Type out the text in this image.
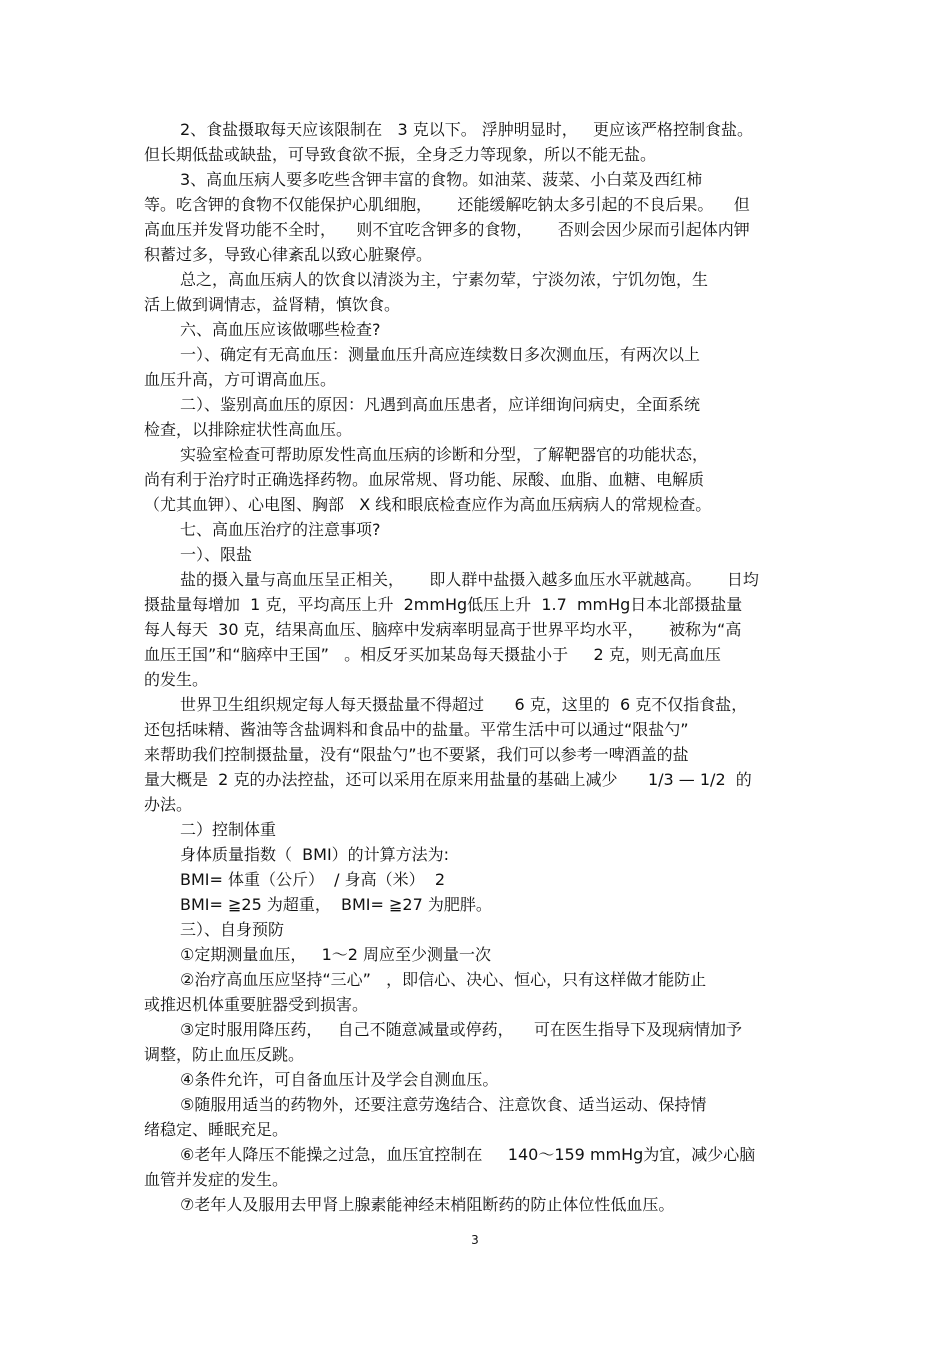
2、食盐摄取每天应该限制在   3 克以下。 浮肿明显时，   更应该严格控制食盐。
但长期低盐或缺盐，可导致食欲不振，全身乏力等现象，所以不能无盐。
3、高血压病人要多吃些含钾丰富的食物。如油菜、菠菜、小白菜及西红柿
等。吃含钾的食物不仅能保护心肌细胞，     还能缓解吃钠太多引起的不良后果。    但
高血压并发肾功能不全时，    则不宜吃含钾多的食物，     否则会因少尿而引起体内钾
积蓄过多，导致心律紊乱以致心脏聚停。
总之，高血压病人的饮食以清淡为主，宁素勿荤，宁淡勿浓，宁饥勿饱，生
活上做到调情志，益肾精，慎饮食。
六、高血压应该做哪些检查?
一）、确定有无高血压：测量血压升高应连续数日多次测血压，有两次以上
血压升高，方可谓高血压。
二）、鉴别高血压的原因：凡遇到高血压患者，应详细询问病史，全面系统
检查，以排除症状性高血压。
实验室检查可帮助原发性高血压病的诊断和分型，了解靶器官的功能状态，
尚有利于治疗时正确选择药物。血尿常规、肾功能、尿酸、血脂、血糖、电解质
（尤其血钾）、心电图、胸部   X 线和眼底检查应作为高血压病病人的常规检查。
七、高血压治疗的注意事项?
一）、限盐
盐的摄入量与高血压呈正相关，     即人群中盐摄入越多血压水平就越高。     日均
摄盐量每增加  1 克，平均高压上升  2mmHg低压上升  1.7  mmHg日本北部摄盐量
每人每天  30 克，结果高血压、脑瘁中发病率明显高于世界平均水平，     被称为“高
血压王国”和“脑瘁中王国”   。相反牙买加某岛每天摄盐小于     2 克，则无高血压
的发生。
世界卫生组织规定每人每天摄盐量不得超过      6 克，这里的  6 克不仅指食盐，
还包括味精、酱油等含盐调料和食品中的盐量。平常生活中可以通过“限盐勺”
来帮助我们控制摄盐量，没有“限盐勺”也不要紧，我们可以参考一啤酒盖的盐
量大概是  2 克的办法控盐，还可以采用在原来用盐量的基础上减少      1/3 — 1/2  的
办法。
二）控制体重
身体质量指数（  BMI）的计算方法为:
BMI= 体重（公斤）  / 身高（米）  2
BMI= ≧25 为超重，  BMI= ≧27 为肥胖。
三）、自身预防
①定期测量血压，   1～2 周应至少测量一次
②治疗高血压应坚持“三心”   ，即信心、决心、恒心，只有这样做才能防止
或推迟机体重要脏器受到损害。
③定时服用降压药，   自己不随意减量或停药，    可在医生指导下及现病情加予
调整，防止血压反跳。
④条件允许，可自备血压计及学会自测血压。
⑤随服用适当的药物外，还要注意劳逸结合、注意饮食、适当运动、保持情
绪稳定、睡眠充足。
⑥老年人降压不能操之过急，血压宜控制在     140～159 mmHg为宜，减少心脑
血管并发症的发生。
⑦老年人及服用去甲肾上腺素能神经末梢阻断药的防止体位性低血压。
3
